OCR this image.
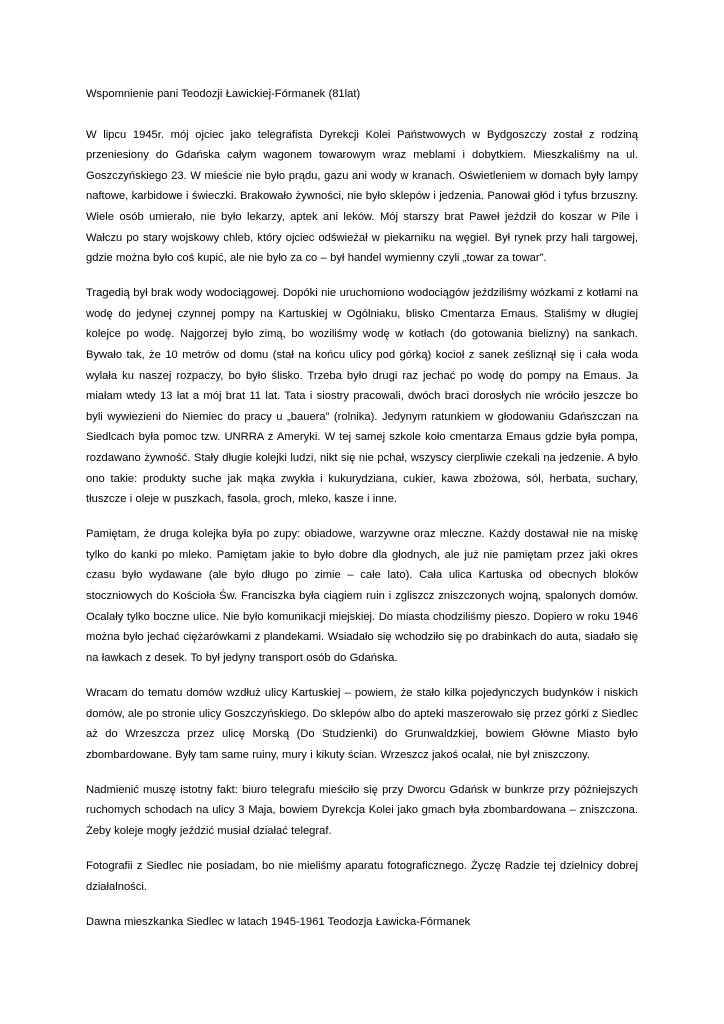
Wspomnienie pani Teodozji Ławickiej-Fórmanek (81lat)

W lipcu 1945r. mój ojciec jako telegrafista Dyrekcji Kolei Państwowych w Bydgoszczy został z rodziną przeniesiony do Gdańska całym wagonem towarowym wraz meblami i dobytkiem. Mieszkaliśmy na ul. Goszczyńskiego 23. W mieście nie było prądu, gazu ani wody w kranach. Oświetleniem w domach były lampy naftowe, karbidowe i świeczki. Brakowało żywności, nie było sklepów i jedzenia. Panował głód i tyfus brzuszny. Wiele osób umierało, nie było lekarzy, aptek ani leków. Mój starszy brat Paweł jeździł do koszar w Pile i Wałczu po stary wojskowy chleb, który ojciec odświeżał w piekarniku na węgiel. Był rynek przy hali targowej, gdzie można było coś kupić, ale nie było za co – był handel wymienny czyli „towar za towar”.

Tragedią był brak wody wodociągowej. Dopóki nie uruchomiono wodociągów jeździliśmy wózkami z kotłami na wodę do jedynej czynnej pompy na Kartuskiej w Ogólniaku, blisko Cmentarza Emaus. Staliśmy w długiej kolejce po wodę. Najgorzej było zimą, bo woziliśmy wodę w kotłach (do gotowania bielizny) na sankach. Bywało tak, że 10 metrów od domu (stał na końcu ulicy pod górką) kocioł z sanek ześliznął się i cała woda wylała ku naszej rozpaczy, bo było ślisko. Trzeba było drugi raz jechać po wodę do pompy na Emaus. Ja miałam wtedy 13 lat a mój brat 11 lat. Tata i siostry pracowali, dwóch braci dorosłych nie wróciło jeszcze bo byli wywiezieni do Niemiec do pracy u „bauera” (rolnika). Jedynym ratunkiem w głodowaniu Gdańszczan na Siedlcach była pomoc tzw. UNRRA z Ameryki. W tej samej szkole koło cmentarza Emaus gdzie była pompa, rozdawano żywność. Stały długie kolejki ludzi, nikt się nie pchał, wszyscy cierpliwie czekali na jedzenie. A było ono takie: produkty suche jak mąka zwykła i kukurydziana, cukier, kawa zbożowa, sól, herbata, suchary, tłuszcze i oleje w puszkach, fasola, groch, mleko, kasze i inne.

Pamiętam, że druga kolejka była po zupy: obiadowe, warzywne oraz mleczne. Każdy dostawał nie na miskę tylko do kanki po mleko. Pamiętam jakie to było dobre dla głodnych, ale już nie pamiętam przez jaki okres czasu było wydawane (ale było długo po zimie – całe lato). Cała ulica Kartuska od obecnych bloków stoczniowych do Kościoła Św. Franciszka była ciągiem ruin i zgliszcz zniszczonych wojną, spalonych domów. Ocalały tylko boczne ulice. Nie było komunikacji miejskiej. Do miasta chodziliśmy pieszo. Dopiero w roku 1946 można było jechać ciężarówkami z plandekami. Wsiadało się wchodziło się po drabinkach do auta, siadało się na ławkach z desek. To był jedyny transport osób do Gdańska.

Wracam do tematu domów wzdłuż ulicy Kartuskiej – powiem, że stało kilka pojedynczych budynków i niskich domów, ale po stronie ulicy Goszczyńskiego. Do sklepów albo do apteki maszerowało się przez górki z Siedlec aż do Wrzeszcza przez ulicę Morską (Do Studzienki) do Grunwaldzkiej, bowiem Główne Miasto było zbombardowane. Były tam same ruiny, mury i kikuty ścian. Wrzeszcz jakoś ocalał, nie był zniszczony.

Nadmienić muszę istotny fakt: biuro telegrafu mieściło się przy Dworcu Gdańsk w bunkrze przy późniejszych ruchomych schodach na ulicy 3 Maja, bowiem Dyrekcja Kolei jako gmach była zbombardowana – zniszczona. Żeby koleje mogły jeździć musiał działać telegraf.

Fotografii z Siedlec nie posiadam, bo nie mieliśmy aparatu fotograficznego. Życzę Radzie tej dzielnicy dobrej działalności.

Dawna mieszkanka Siedlec w latach 1945-1961 Teodozja Ławicka-Fórmanek
